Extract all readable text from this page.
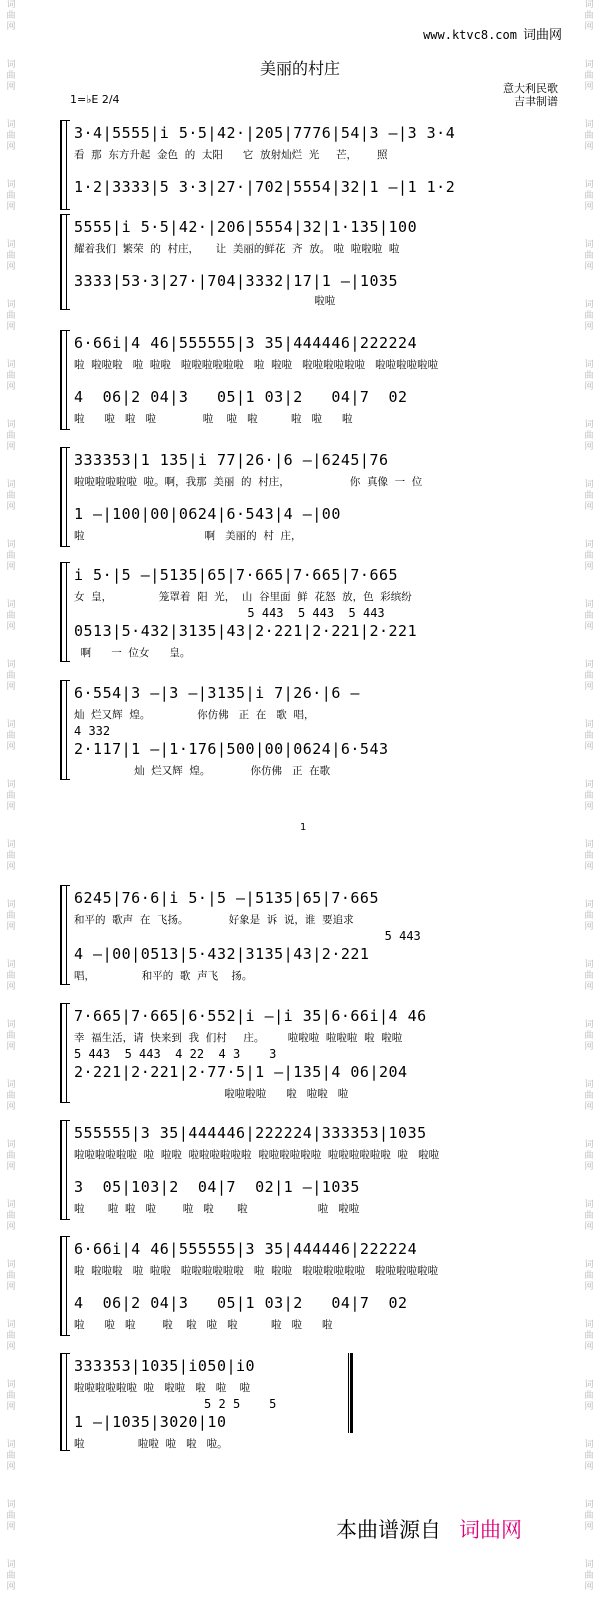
词
曲
网
词
曲
网
词
曲
网
词
曲
网
词
曲
网
词
曲
网
词
曲
网
词
曲
网
词
曲
网
词
曲
网
词
曲
网
词
曲
网
词
曲
网
词
曲
网
词
曲
网
词
曲
网
词
曲
网
词
曲
网
词
曲
网
词
曲
网
词
曲
网
词
曲
网
词
曲
网
词
曲
网
词
曲
网
词
曲
网
词
曲
网
词
曲
网
词
曲
网
词
曲
网
词
曲
网
词
曲
网
词
曲
网
词
曲
网
词
曲
网
词
曲
网
词
曲
网
词
曲
网
词
曲
网
词
曲
网
词
曲
网
词
曲
网
词
曲
网
词
曲
网
词
曲
网
词
曲
网
词
曲
网
词
曲
网
词
曲
网
词
曲
网
词
曲
网
词
曲
网
词
曲
网
词
曲
网
www.ktvc8.com 词曲网
美丽的村庄
意大利民歌
吉聿制谱
1=♭E 2/4
1
3·4|5555|i 5·5|42·|205|7776|54|3 —|3 3·4
看  那  东方升起  金色  的  太阳      它  放射灿烂  光     芒，      照
1·2|3333|5 3·3|27·|702|5554|32|1 —|1 1·2
5555|i 5·5|42·|206|5554|32|1·135|100
耀着我们  繁荣  的  村庄，     让  美丽的鲜花  齐  放。 啦  啦啦啦  啦
3333|53·3|27·|704|3332|17|1 —|1035
啦啦
6·66i|4 46|555555|3 35|444446|222224
啦  啦啦啦   啦  啦啦   啦啦啦啦啦啦   啦  啦啦   啦啦啦啦啦啦   啦啦啦啦啦啦
4  06|2 04|3   05|1 03|2   04|7  02
啦      啦   啦   啦              啦    啦   啦          啦   啦      啦
333353|1 135|i 77|26·|6 —|6245|76
啦啦啦啦啦啦  啦。啊，我那  美丽  的  村庄，                  你  真像  一  位
1 —|100|00|0624|6·543|4 —|00
啦                                    啊   美丽的  村  庄，
i 5·|5 —|5135|65|7·665|7·665|7·665
女  皇，              笼罩着  阳  光，  山  谷里面  鲜  花怒  放，色  彩缤纷
5 443  5 443  5 443
0513|5·432|3135|43|2·221|2·221|2·221
啊      一  位女      皇。
6·554|3 —|3 —|3135|i 7|26·|6 —
灿  烂又辉  煌。              你仿佛   正  在   歌  唱，
4 332
2·117|1 —|1·176|500|00|0624|6·543
灿  烂又辉  煌。            你仿佛   正  在歌
6245|76·6|i 5·|5 —|5135|65|7·665
和平的  歌声  在  飞扬。            好象是  诉  说，谁  要追求
5 443
4 —|00|0513|5·432|3135|43|2·221
唱，              和平的  歌  声飞    扬。
7·665|7·665|6·552|i —|i 35|6·66i|4 46
幸  福生活，请  快来到  我  们村     庄。       啦啦啦  啦啦啦  啦  啦啦
5 443  5 443  4 22  4 3    3
2·221|2·221|2·77·5|1 —|135|4 06|204
啦啦啦啦      啦   啦啦   啦
555555|3 35|444446|222224|333353|1035
啦啦啦啦啦啦  啦  啦啦  啦啦啦啦啦啦  啦啦啦啦啦啦  啦啦啦啦啦啦  啦   啦啦
3  05|103|2  04|7  02|1 —|1035
啦       啦  啦   啦        啦   啦       啦                     啦   啦啦
6·66i|4 46|555555|3 35|444446|222224
啦  啦啦啦   啦  啦啦   啦啦啦啦啦啦   啦  啦啦   啦啦啦啦啦啦   啦啦啦啦啦啦
4  06|2 04|3   05|1 03|2   04|7  02
啦      啦   啦        啦    啦   啦   啦          啦   啦      啦
333353|1035|i050|i0
啦啦啦啦啦啦  啦   啦啦   啦   啦    啦
5 2 5    5
1 —|1035|3020|10
啦                啦啦  啦   啦   啦。
本曲谱源自 词曲网
